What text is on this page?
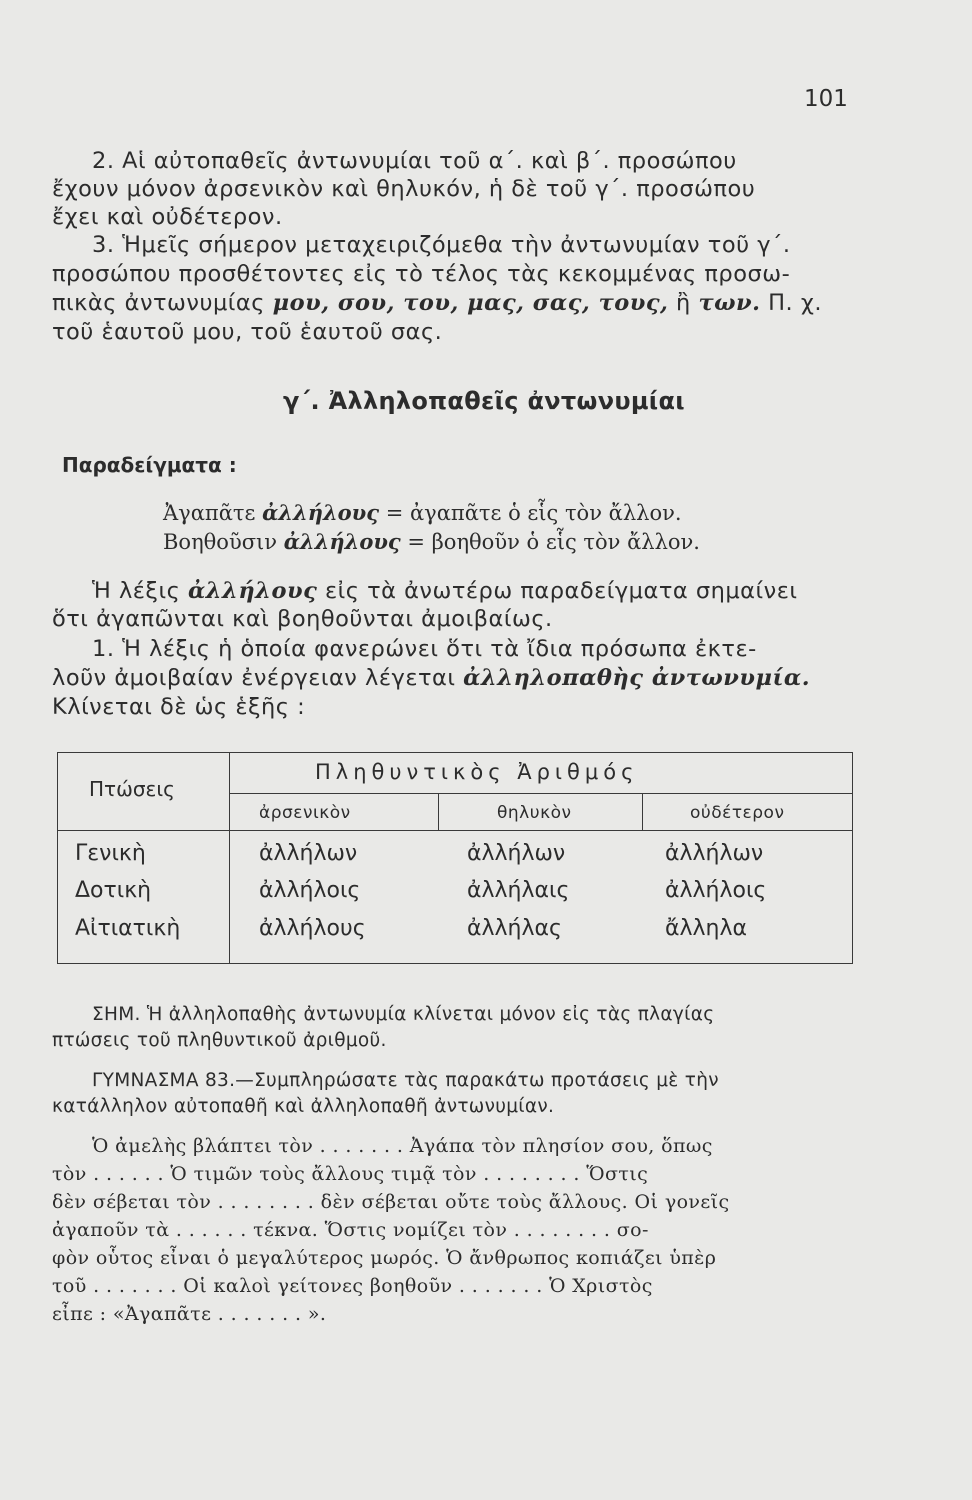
101
2. Αἱ αὐτοπαθεῖς ἀντωνυμίαι τοῦ α΄. καὶ β΄. προσώπου
ἔχουν μόνον ἀρσενικὸν καὶ θηλυκόν, ἡ δὲ τοῦ γ΄. προσώπου
ἔχει καὶ οὐδέτερον.
3. Ἡμεῖς σήμερον μεταχειριζόμεθα τὴν ἀντωνυμίαν τοῦ γ΄.
προσώπου προσθέτοντες εἰς τὸ τέλος τὰς κεκομμένας προσω-
πικὰς ἀντωνυμίας μου, σου, του, μας, σας, τους, ἢ των. Π. χ.
τοῦ ἑαυτοῦ μου, τοῦ ἑαυτοῦ σας.
γ΄. Ἀλληλοπαθεῖς ἀντωνυμίαι
Παραδείγματα :
Ἀγαπᾶτε ἀλλήλους = ἀγαπᾶτε ὁ εἷς τὸν ἄλλον.
Βοηθοῦσιν ἀλλήλους = βοηθοῦν ὁ εἷς τὸν ἄλλον.
Ἡ λέξις ἀλλήλους εἰς τὰ ἀνωτέρω παραδείγματα σημαίνει
ὅτι ἀγαπῶνται καὶ βοηθοῦνται ἀμοιβαίως.
1. Ἡ λέξις ἡ ὁποία φανερώνει ὅτι τὰ ἴδια πρόσωπα ἐκτε-
λοῦν ἀμοιβαίαν ἐνέργειαν λέγεται ἀλληλοπαθὴς ἀντωνυμία.
Κλίνεται δὲ ὡς ἑξῆς :
Πτώσεις
Πληθυντικὸς Ἀριθμός
ἀρσενικὸν	θηλυκὸν	οὐδέτερον
Γενικὴ	ἀλλήλων	ἀλλήλων	ἀλλήλων
Δοτικὴ	ἀλλήλοις	ἀλλήλαις	ἀλλήλοις
Αἰτιατικὴ	ἀλλήλους	ἀλλήλας	ἄλληλα
ΣΗΜ. Ἡ ἀλληλοπαθὴς ἀντωνυμία κλίνεται μόνον εἰς τὰς πλαγίας
πτώσεις τοῦ πληθυντικοῦ ἀριθμοῦ.
ΓΥΜΝΑΣΜΑ 83.—Συμπληρώσατε τὰς παρακάτω προτάσεις μὲ τὴν
κατάλληλον αὐτοπαθῆ καὶ ἀλληλοπαθῆ ἀντωνυμίαν.
Ὁ ἀμελὴς βλάπτει τὸν . . . . . . . Ἀγάπα τὸν πλησίον σου, ὅπως
τὸν . . . . . . Ὁ τιμῶν τοὺς ἄλλους τιμᾷ τὸν . . . . . . . . Ὅστις
δὲν σέβεται τὸν . . . . . . . . δὲν σέβεται οὔτε τοὺς ἄλλους. Οἱ γονεῖς
ἀγαποῦν τὰ . . . . . . τέκνα. Ὅστις νομίζει τὸν . . . . . . . . σο-
φὸν οὗτος εἶναι ὁ μεγαλύτερος μωρός. Ὁ ἄνθρωπος κοπιάζει ὑπὲρ
τοῦ . . . . . . . Οἱ καλοὶ γείτονες βοηθοῦν . . . . . . . Ὁ Χριστὸς
εἶπε : «Ἀγαπᾶτε . . . . . . . ».
